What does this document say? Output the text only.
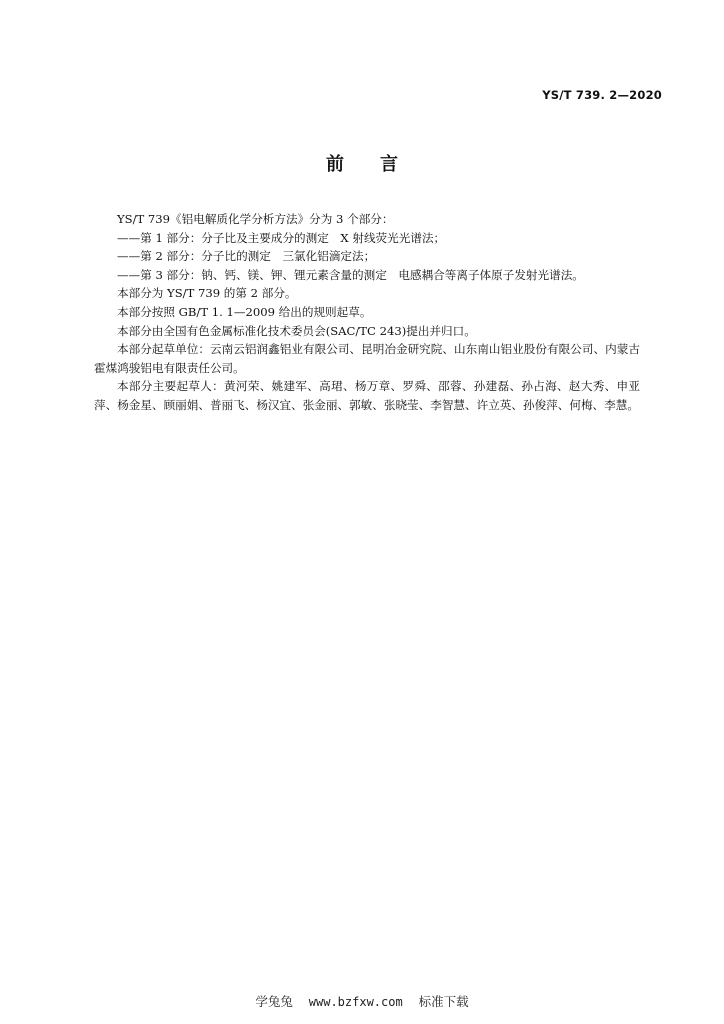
YS/T 739. 2—2020
前言

YS/T 739《铝电解质化学分析方法》分为 3 个部分：

——第 1 部分：分子比及主要成分的测定　X 射线荧光光谱法；

——第 2 部分：分子比的测定　三氯化铝滴定法；

——第 3 部分：钠、钙、镁、钾、锂元素含量的测定　电感耦合等离子体原子发射光谱法。

本部分为 YS/T 739 的第 2 部分。

本部分按照 GB/T 1. 1—2009 给出的规则起草。

本部分由全国有色金属标准化技术委员会(SAC/TC 243)提出并归口。

本部分起草单位：云南云铝润鑫铝业有限公司、昆明冶金研究院、山东南山铝业股份有限公司、内蒙古霍煤鸿骏铝电有限责任公司。

本部分主要起草人：黄河荣、姚建军、高珺、杨万章、罗舜、邵蓉、孙建磊、孙占海、赵大秀、申亚萍、杨金星、顾丽娟、普丽飞、杨汉宜、张金丽、郭敏、张晓莹、李智慧、许立英、孙俊萍、何梅、李慧。

学兔兔 www.bzfxw.com 标准下载
